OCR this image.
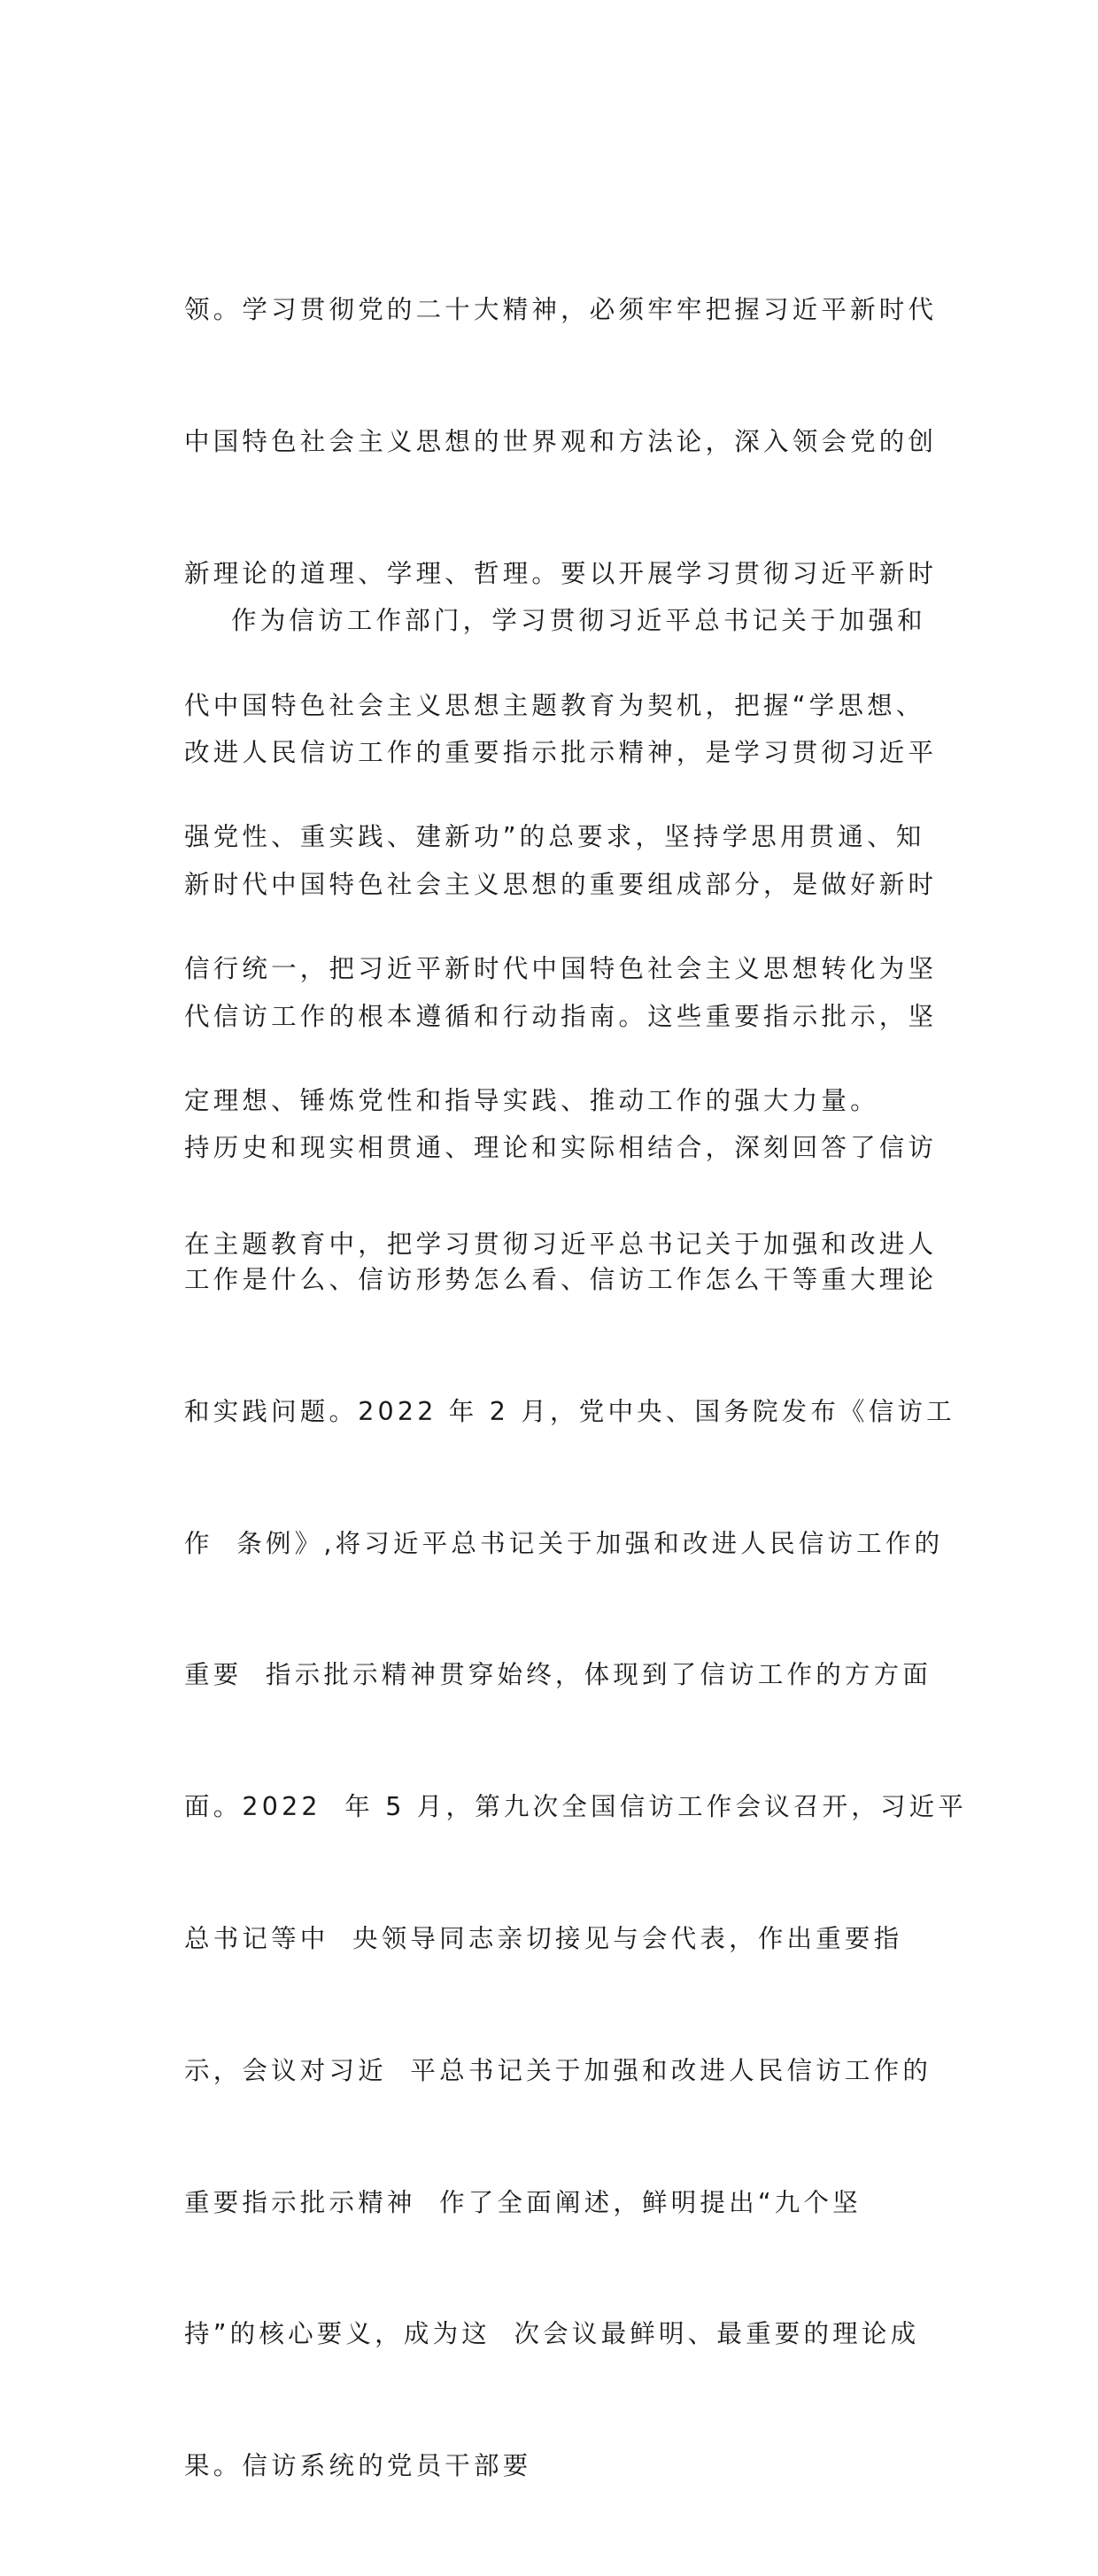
领。学习贯彻党的二十大精神，必须牢牢把握习近平新时代

中国特色社会主义思想的世界观和方法论，深入领会党的创

新理论的道理、学理、哲理。要以开展学习贯彻习近平新时

代中国特色社会主义思想主题教育为契机，把握“学思想、

强党性、重实践、建新功”的总要求，坚持学思用贯通、知

信行统一，把习近平新时代中国特色社会主义思想转化为坚

定理想、锤炼党性和指导实践、推动工作的强大力量。

作为信访工作部门，学习贯彻习近平总书记关于加强和

改进人民信访工作的重要指示批示精神，是学习贯彻习近平

新时代中国特色社会主义思想的重要组成部分，是做好新时

代信访工作的根本遵循和行动指南。这些重要指示批示，坚

持历史和现实相贯通、理论和实际相结合，深刻回答了信访

工作是什么、信访形势怎么看、信访工作怎么干等重大理论

和实践问题。2022 年 2 月，党中央、国务院发布《信访工

作  条例》,将习近平总书记关于加强和改进人民信访工作的

重要  指示批示精神贯穿始终，体现到了信访工作的方方面

面。2022  年 5 月，第九次全国信访工作会议召开，习近平

总书记等中  央领导同志亲切接见与会代表，作出重要指

示，会议对习近  平总书记关于加强和改进人民信访工作的

重要指示批示精神  作了全面阐述，鲜明提出“九个坚

持”的核心要义，成为这  次会议最鲜明、最重要的理论成

果。信访系统的党员干部要

在主题教育中，把学习贯彻习近平总书记关于加强和改进人
